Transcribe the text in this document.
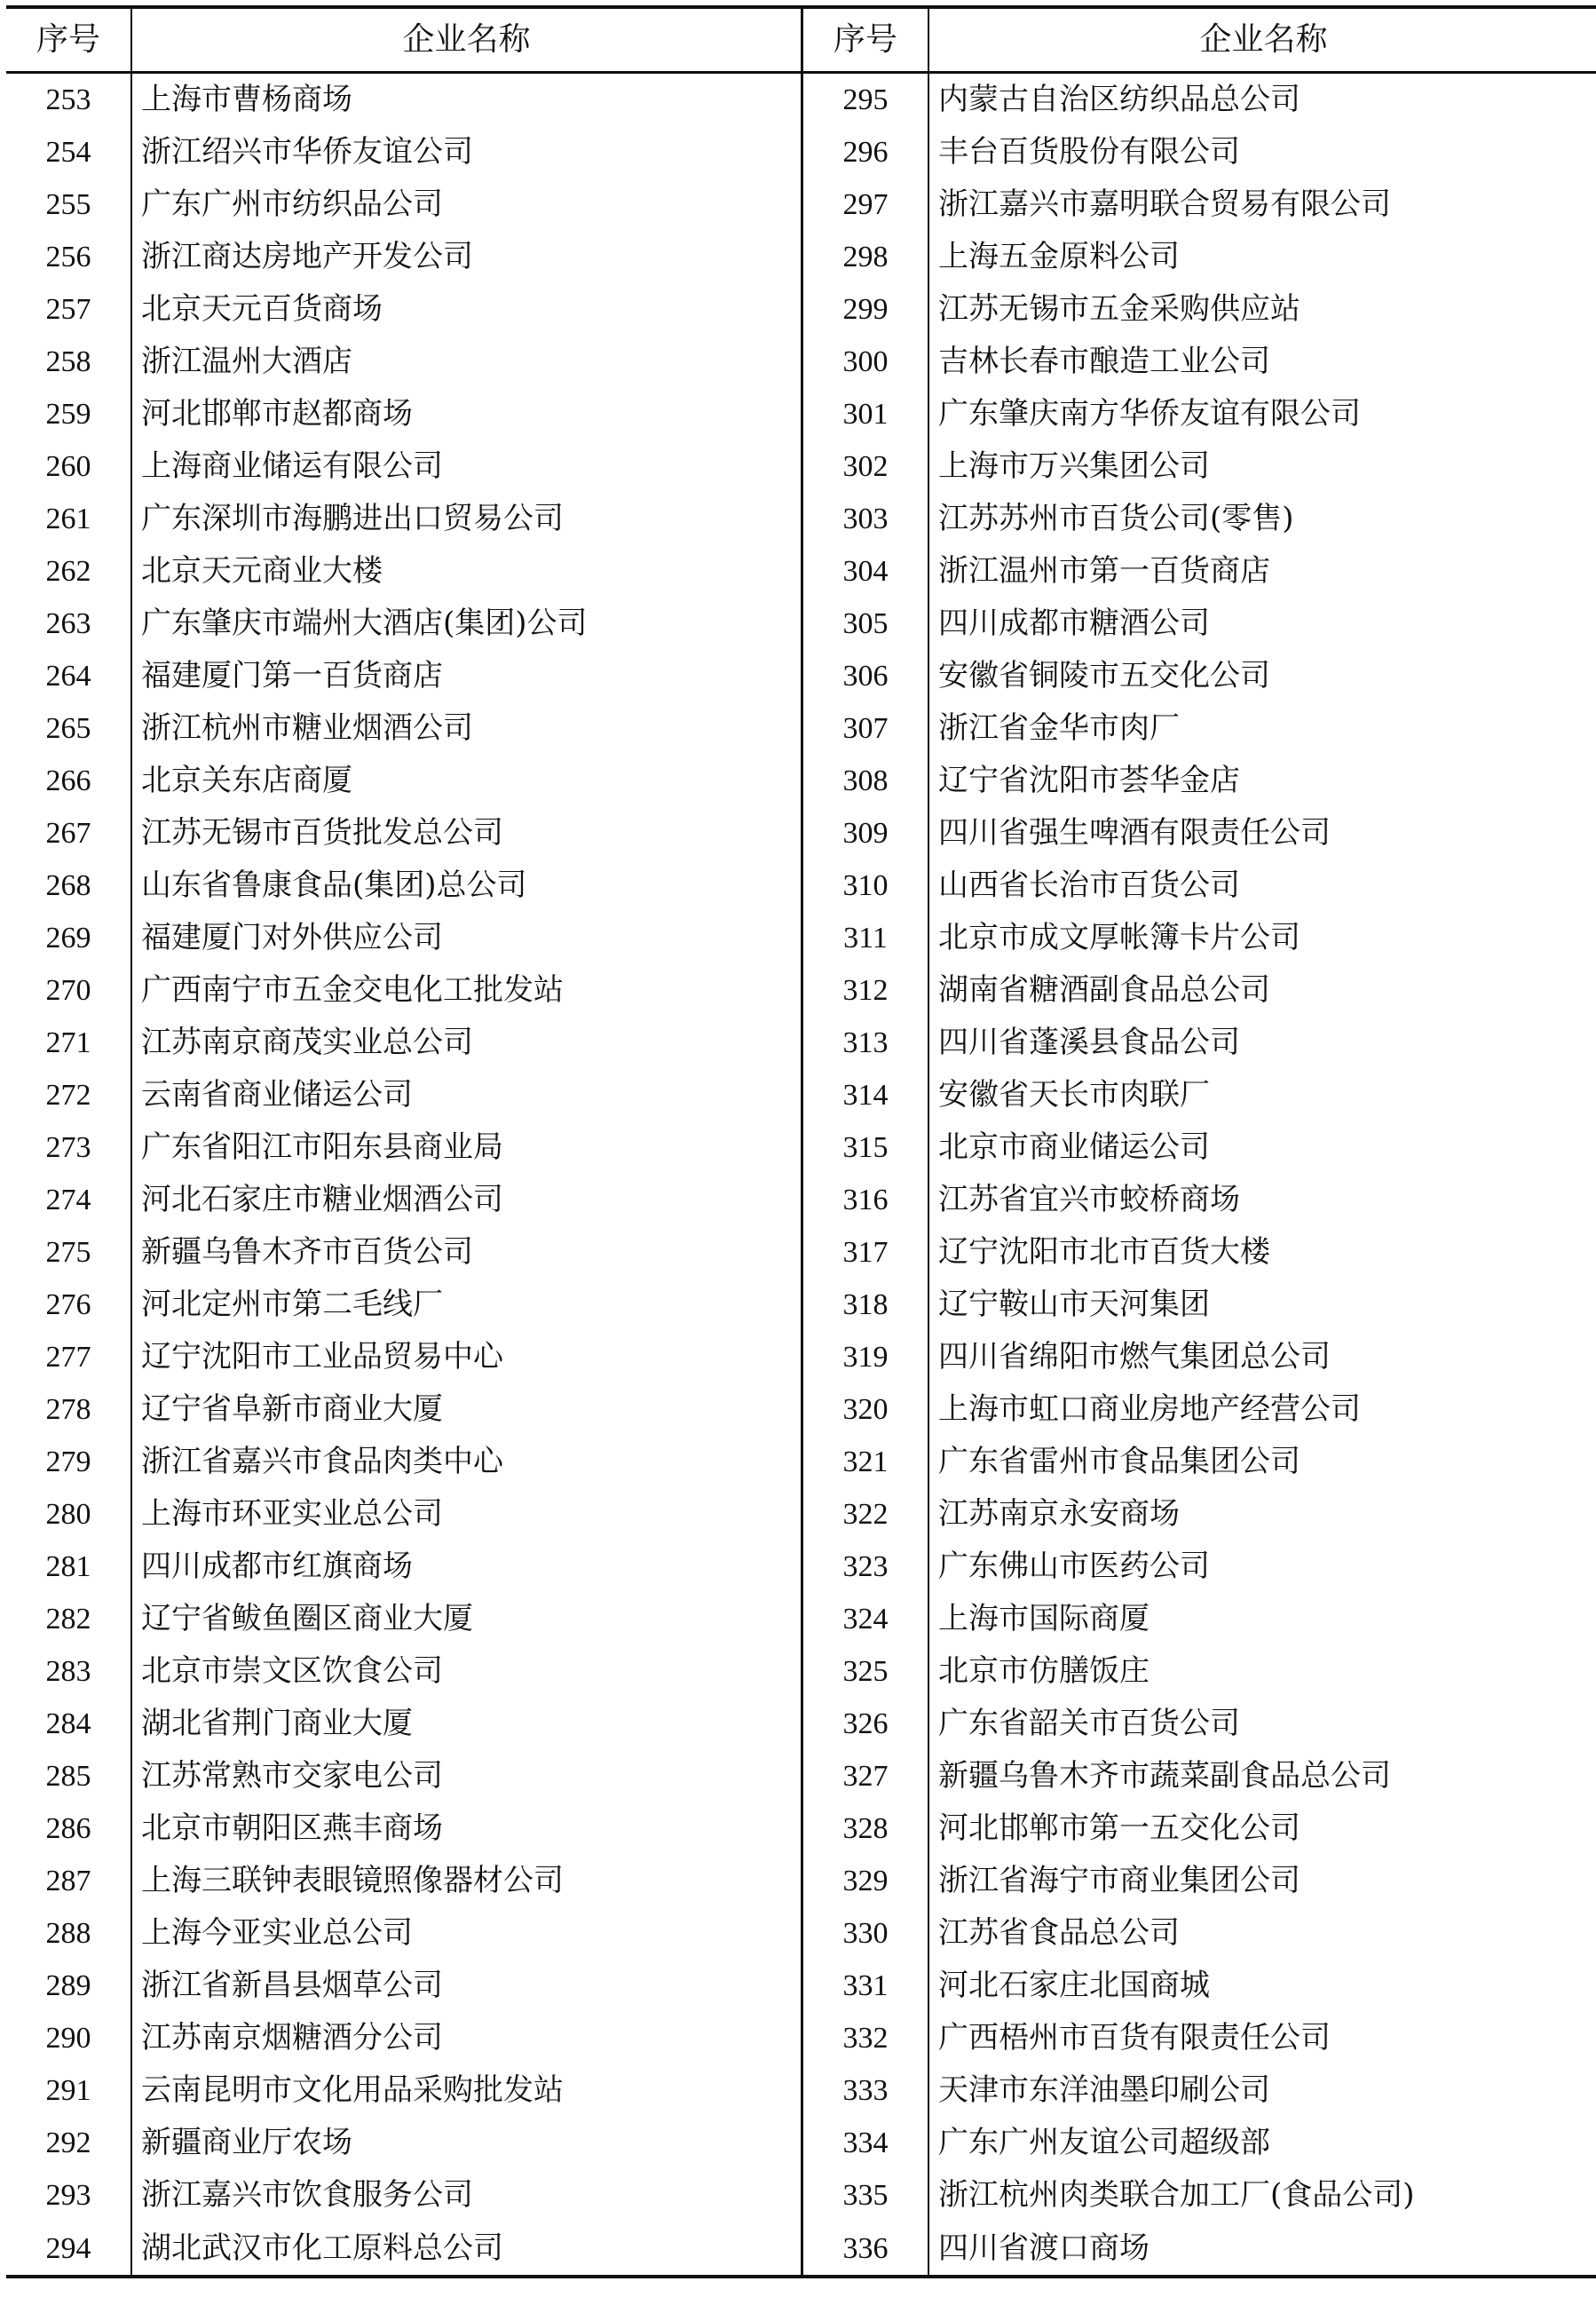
序号	企业名称	序号	企业名称
253	上海市曹杨商场	295	内蒙古自治区纺织品总公司
254	浙江绍兴市华侨友谊公司	296	丰台百货股份有限公司
255	广东广州市纺织品公司	297	浙江嘉兴市嘉明联合贸易有限公司
256	浙江商达房地产开发公司	298	上海五金原料公司
257	北京天元百货商场	299	江苏无锡市五金采购供应站
258	浙江温州大酒店	300	吉林长春市酿造工业公司
259	河北邯郸市赵都商场	301	广东肇庆南方华侨友谊有限公司
260	上海商业储运有限公司	302	上海市万兴集团公司
261	广东深圳市海鹏进出口贸易公司	303	江苏苏州市百货公司(零售)
262	北京天元商业大楼	304	浙江温州市第一百货商店
263	广东肇庆市端州大酒店(集团)公司	305	四川成都市糖酒公司
264	福建厦门第一百货商店	306	安徽省铜陵市五交化公司
265	浙江杭州市糖业烟酒公司	307	浙江省金华市肉厂
266	北京关东店商厦	308	辽宁省沈阳市荟华金店
267	江苏无锡市百货批发总公司	309	四川省强生啤酒有限责任公司
268	山东省鲁康食品(集团)总公司	310	山西省长治市百货公司
269	福建厦门对外供应公司	311	北京市成文厚帐簿卡片公司
270	广西南宁市五金交电化工批发站	312	湖南省糖酒副食品总公司
271	江苏南京商茂实业总公司	313	四川省蓬溪县食品公司
272	云南省商业储运公司	314	安徽省天长市肉联厂
273	广东省阳江市阳东县商业局	315	北京市商业储运公司
274	河北石家庄市糖业烟酒公司	316	江苏省宜兴市蛟桥商场
275	新疆乌鲁木齐市百货公司	317	辽宁沈阳市北市百货大楼
276	河北定州市第二毛线厂	318	辽宁鞍山市天河集团
277	辽宁沈阳市工业品贸易中心	319	四川省绵阳市燃气集团总公司
278	辽宁省阜新市商业大厦	320	上海市虹口商业房地产经营公司
279	浙江省嘉兴市食品肉类中心	321	广东省雷州市食品集团公司
280	上海市环亚实业总公司	322	江苏南京永安商场
281	四川成都市红旗商场	323	广东佛山市医药公司
282	辽宁省鲅鱼圈区商业大厦	324	上海市国际商厦
283	北京市崇文区饮食公司	325	北京市仿膳饭庄
284	湖北省荆门商业大厦	326	广东省韶关市百货公司
285	江苏常熟市交家电公司	327	新疆乌鲁木齐市蔬菜副食品总公司
286	北京市朝阳区燕丰商场	328	河北邯郸市第一五交化公司
287	上海三联钟表眼镜照像器材公司	329	浙江省海宁市商业集团公司
288	上海今亚实业总公司	330	江苏省食品总公司
289	浙江省新昌县烟草公司	331	河北石家庄北国商城
290	江苏南京烟糖酒分公司	332	广西梧州市百货有限责任公司
291	云南昆明市文化用品采购批发站	333	天津市东洋油墨印刷公司
292	新疆商业厅农场	334	广东广州友谊公司超级部
293	浙江嘉兴市饮食服务公司	335	浙江杭州肉类联合加工厂(食品公司)
294	湖北武汉市化工原料总公司	336	四川省渡口商场
